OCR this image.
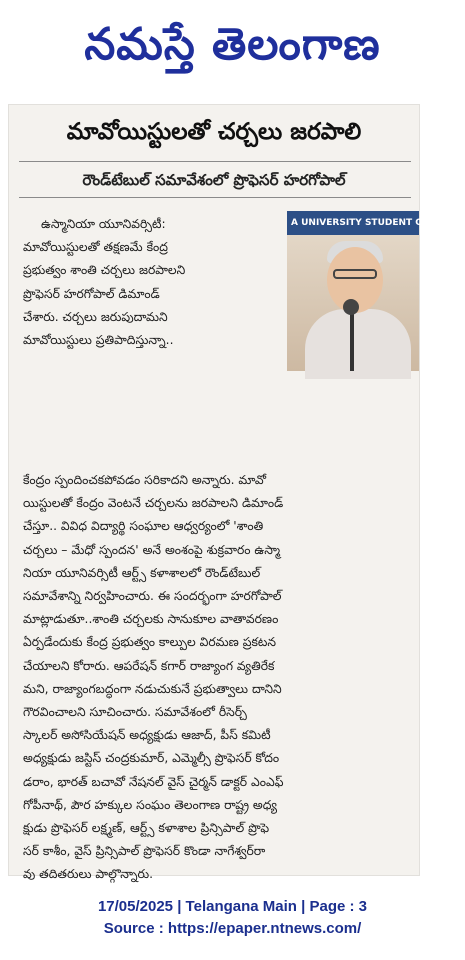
నమస్తే తెలంగాణ
మావోయిస్టులతో చర్చలు జరపాలి
రౌండ్‌టేబుల్ సమావేశంలో ప్రొఫెసర్ హరగోపాల్
A UNIVERSITY STUDENT ORG
ఉస్మానియా యూనివర్సిటీ:
మావోయిస్టులతో తక్షణమే కేంద్ర
ప్రభుత్వం శాంతి చర్చలు జరపాలని
ప్రొఫెసర్ హరగోపాల్ డిమాండ్
చేశారు. చర్చలు జరుపుదామని
మావోయిస్టులు ప్రతిపాదిస్తున్నా..
కేంద్రం స్పందించకపోవడం సరికాదని అన్నారు. మావో
యిస్టులతో కేంద్రం వెంటనే చర్చలను జరపాలని డిమాండ్
చేస్తూ.. వివిధ విద్యార్థి సంఘాల ఆధ్వర్యంలో 'శాంతి
చర్చలు – మేధో స్పందన' అనే అంశంపై శుక్రవారం ఉస్మా
నియా యూనివర్సిటీ ఆర్ట్స్ కళాశాలలో రౌండ్‌టేబుల్
సమావేశాన్ని నిర్వహించారు. ఈ సందర్భంగా హరగోపాల్
మాట్లాడుతూ..శాంతి చర్చలకు సానుకూల వాతావరణం
ఏర్పడేందుకు కేంద్ర ప్రభుత్వం కాల్పుల విరమణ ప్రకటన
చేయాలని కోరారు. ఆపరేషన్ కగార్ రాజ్యాంగ వ్యతిరేక
మని, రాజ్యాంగబద్ధంగా నడుచుకునే ప్రభుత్వాలు దానిని
గౌరవించాలని సూచించారు. సమావేశంలో రీసెర్చ్
స్కాలర్ అసోసియేషన్ అధ్యక్షుడు ఆజాద్, పీస్ కమిటీ
అధ్యక్షుడు జస్టిస్ చంద్రకుమార్, ఎమ్మెల్సీ ప్రొఫెసర్ కోదం
డరాం, భారత్ బచావో నేషనల్ వైస్ చైర్మన్ డాక్టర్ ఎంఎఫ్
గోపీనాథ్, పౌర హక్కుల సంఘం తెలంగాణ రాష్ట్ర అధ్య
క్షుడు ప్రొఫెసర్ లక్ష్మణ్, ఆర్ట్స్ కళాశాల ప్రిన్సిపాల్ ప్రొఫె
సర్ కాశీం, వైస్ ప్రిన్సిపాల్ ప్రొఫెసర్ కొండా నాగేశ్వర్‌రా
వు తదితరులు పాల్గొన్నారు.
17/05/2025 | Telangana Main | Page : 3
Source : https://epaper.ntnews.com/
